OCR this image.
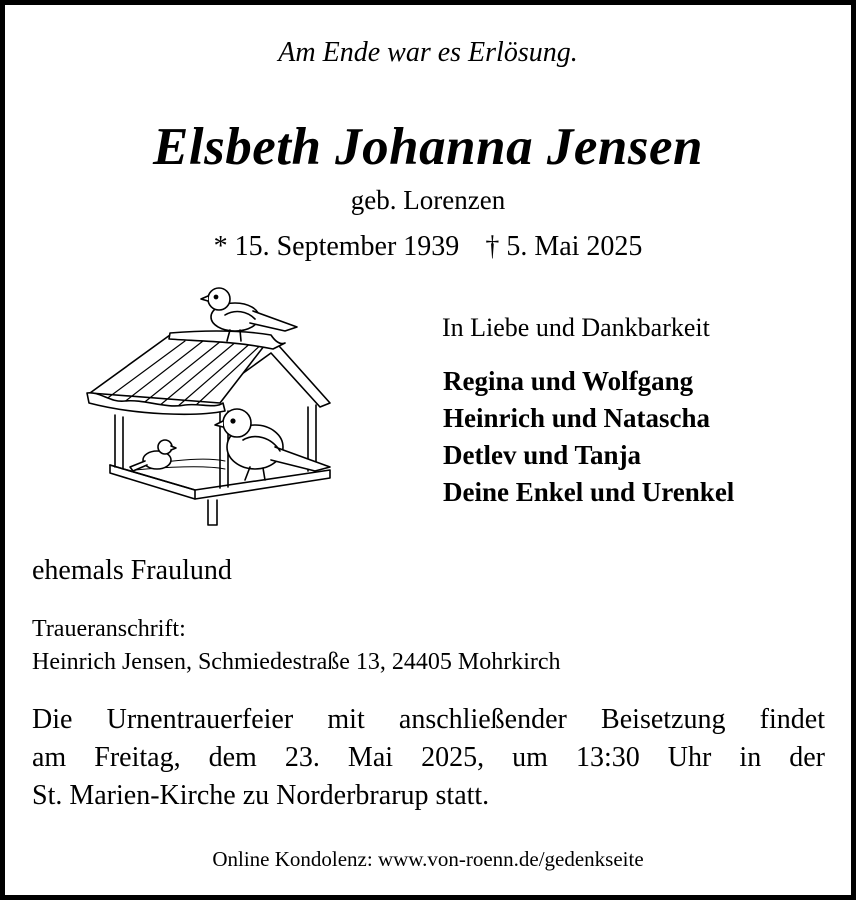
Am Ende war es Erlösung.
Elsbeth Johanna Jensen
geb. Lorenzen
* 15. September 1939 † 5. Mai 2025
In Liebe und Dankbarkeit
Regina und Wolfgang
Heinrich und Natascha
Detlev und Tanja
Deine Enkel und Urenkel
ehemals Fraulund
Traueranschrift:
Heinrich Jensen, Schmiedestraße 13, 24405 Mohrkirch
Die Urnentrauerfeier mit anschließender Beisetzung findet
am Freitag, dem 23. Mai 2025, um 13:30 Uhr in der
St. Marien-Kirche zu Norderbrarup statt.
Online Kondolenz: www.von-roenn.de/gedenkseite
